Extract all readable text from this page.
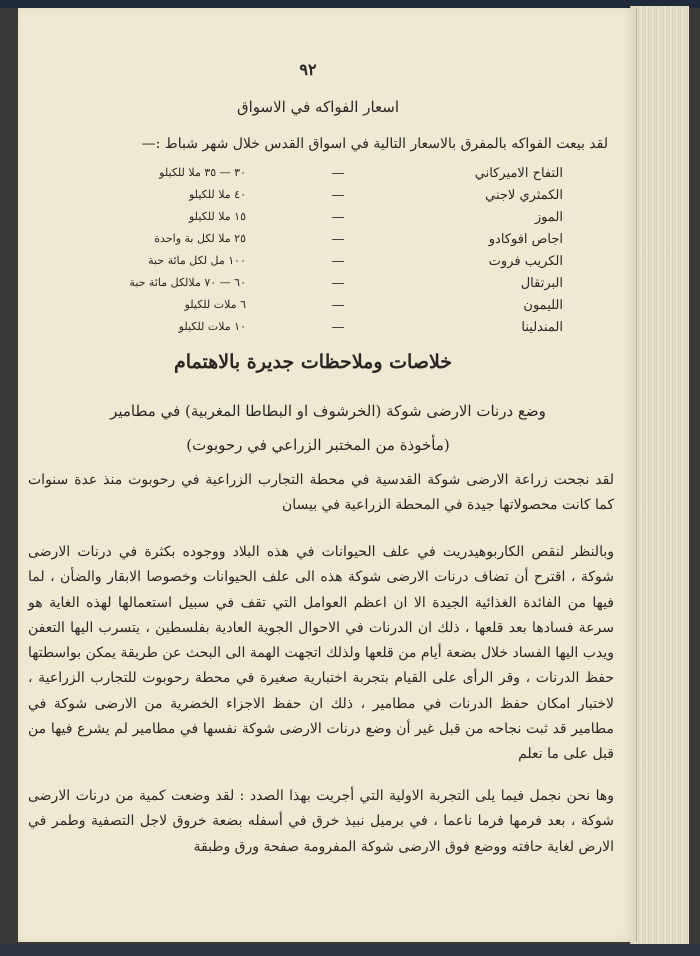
٩٢
اسعار الفواكه في الاسواق
لقد بيعت الفواكه بالمفرق بالاسعار التالية في اسواق القدس خلال شهر شباط :—
التفاح الاميركاني
—
٣٠ — ٣٥ ملا للكيلو
الكمثري لاجني
—
٤٠ ملا للكيلو
الموز
—
١٥ ملا للكيلو
اجاص افوكادو
—
٢٥ ملا لكل بة واحدة
الكريب فروت
—
١٠٠ مل لكل مائة حبة
البرتقال
—
٦٠ — ٧٠ ملالكل مائة حبة
الليمون
—
٦ ملات للكيلو
المندلينا
—
١٠ ملات للكيلو
خلاصات وملاحظات جديرة بالاهتمام
وضع درنات الارضى شوكة (الخرشوف او البطاطا المغربية) في مطامير
(مأخوذة من المختبر الزراعي في رحوبوت)
لقد نجحت زراعة الارضى شوكة القدسية في محطة التجارب الزراعية في رحوبوت منذ عدة سنوات كما كانت محصولاتها جيدة في المحطة الزراعية في بيسان
وبالنظر لنقص الكاربوهيدريت في علف الحيوانات في هذه البلاد ووجوده بكثرة في درنات الارضى شوكة ، اقترح أن تضاف درنات الارضى شوكة هذه الى علف الحيوانات وخصوصا الابقار والضأن ، لما فيها من الفائدة الغذائية الجيدة الا ان اعظم العوامل التي تقف في سبيل استعمالها لهذه الغاية هو سرعة فسادها بعد قلعها ، ذلك ان الدرنات في الاحوال الجوية العادية بفلسطين ، يتسرب اليها التعفن ويدب اليها الفساد خلال بضعة أيام من قلعها ولذلك اتجهت الهمة الى البحث عن طريقة يمكن بواسطتها حفظ الدرنات ، وقر الرأى على القيام بتجربة اختبارية صغيرة في محطة رحوبوت للتجارب الزراعية ، لاختبار امكان حفظ الدرنات في مطامير ، ذلك ان حفظ الاجزاء الخضرية من الارضى شوكة في مطامير قد ثبت نجاحه من قبل غير أن وضع درنات الارضى شوكة نفسها في مطامير لم يشرع فيها من قبل على ما نعلم
وها نحن نجمل فيما يلى التجربة الاولية التي أجريت بهذا الصدد : لقد وضعت كمية من درنات الارضى شوكة ، بعد فرمها فرما ناعما ، في برميل نبيذ خرق في أسفله بضعة خروق لاجل التصفية وطمر في الارض لغاية حافته ووضع فوق الارضى شوكة المفرومة صفحة ورق وطبقة
